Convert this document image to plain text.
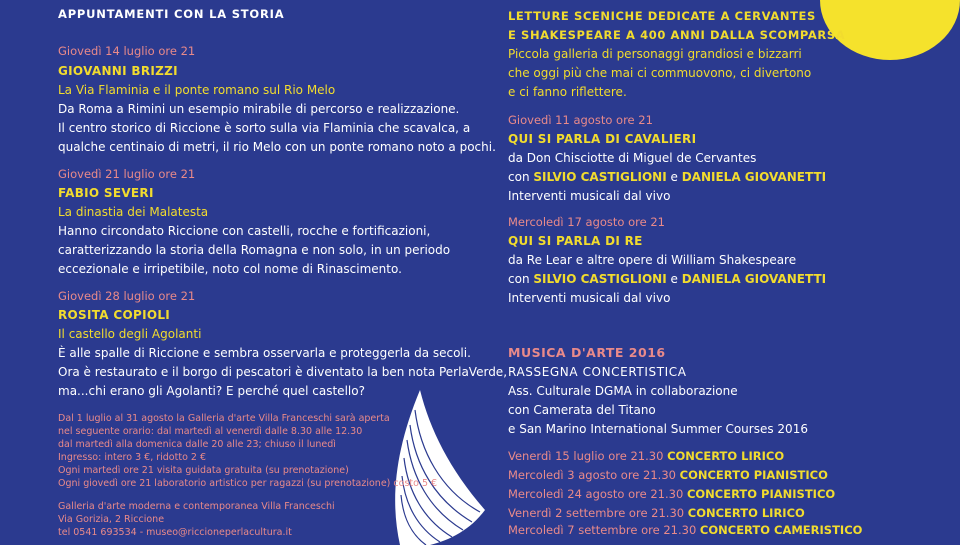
APPUNTAMENTI CON LA STORIA
Giovedì 14 luglio ore 21
GIOVANNI BRIZZI
La Via Flaminia e il ponte romano sul Rio Melo
Da Roma a Rimini un esempio mirabile di percorso e realizzazione.
Il centro storico di Riccione è sorto sulla via Flaminia che scavalca, a
qualche centinaio di metri, il rio Melo con un ponte romano noto a pochi.
Giovedì 21 luglio ore 21
FABIO SEVERI
La dinastia dei Malatesta
Hanno circondato Riccione con castelli, rocche e fortificazioni,
caratterizzando la storia della Romagna e non solo, in un periodo
eccezionale e irripetibile, noto col nome di Rinascimento.
Giovedì 28 luglio ore 21
ROSITA COPIOLI
Il castello degli Agolanti
È alle spalle di Riccione e sembra osservarla e proteggerla da secoli.
Ora è restaurato e il borgo di pescatori è diventato la ben nota PerlaVerde,
ma...chi erano gli Agolanti? E perché quel castello?
Dal 1 luglio al 31 agosto la Galleria d'arte Villa Franceschi sarà aperta
nel seguente orario: dal martedì al venerdì dalle 8.30 alle 12.30
dal martedì alla domenica dalle 20 alle 23; chiuso il lunedì
Ingresso: intero 3 €, ridotto 2 €
Ogni martedì ore 21 visita guidata gratuita (su prenotazione)
Ogni giovedì ore 21 laboratorio artistico per ragazzi (su prenotazione) costo 5 €
Galleria d'arte moderna e contemporanea Villa Franceschi
Via Gorizia, 2 Riccione
tel 0541 693534 - museo@riccioneperlacultura.it
LETTURE SCENICHE DEDICATE A CERVANTES
E SHAKESPEARE A 400 ANNI DALLA SCOMPARSA
Piccola galleria di personaggi grandiosi e bizzarri
che oggi più che mai ci commuovono, ci divertono
e ci fanno riflettere.
Giovedì 11 agosto ore 21
QUI SI PARLA DI CAVALIERI
da Don Chisciotte di Miguel de Cervantes
con SILVIO CASTIGLIONI e DANIELA GIOVANETTI
Interventi musicali dal vivo
Mercoledì 17 agosto ore 21
QUI SI PARLA DI RE
da Re Lear e altre opere di William Shakespeare
con SILVIO CASTIGLIONI e DANIELA GIOVANETTI
Interventi musicali dal vivo
MUSICA D'ARTE 2016
RASSEGNA CONCERTISTICA
Ass. Culturale DGMA in collaborazione
con Camerata del Titano
e San Marino International Summer Courses 2016
Venerdì 15 luglio ore 21.30 CONCERTO LIRICO
Mercoledì 3 agosto ore 21.30 CONCERTO PIANISTICO
Mercoledì 24 agosto ore 21.30 CONCERTO PIANISTICO
Venerdì 2 settembre ore 21.30 CONCERTO LIRICO
Mercoledì 7 settembre ore 21.30 CONCERTO CAMERISTICO
